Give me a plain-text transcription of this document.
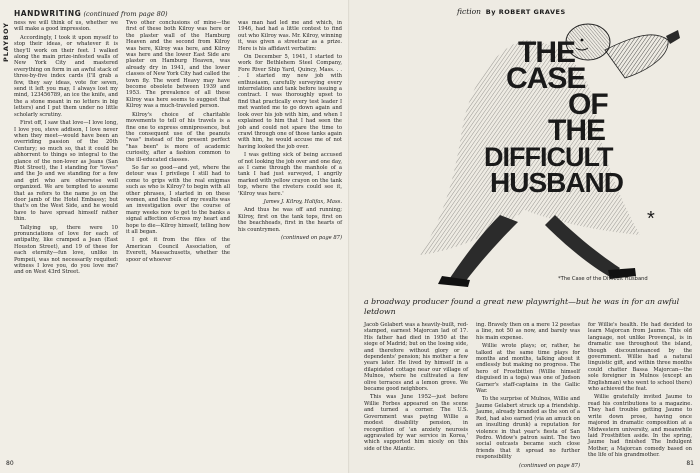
PLAYBOY
HANDWRITING (continued from page 80)

ness we will think of us, whether we will make a good impression.

Accordingly, I took it upon myself to stop their ideas, or whatever it is they'll work on their feet. I walked along the main prize-infested walls of New York City and mastered everything on form in an awful stack of three-by-five index cards (I'll grab a few, they say ideas, vote for seven, send it left you may, I always lost my mind, 123456789, an ice the knife, and the a stone meant in no letters in big letters) and I put them under no little scholarly scrutiny.

First off, I saw that love—I love long, I love you, steve addison, I love never when they meet—would have been an overriding passion of the 20th Century; so much so, that it could be abhorrent to things so integral to the glance of the non-lover as Jeans (San Riot Street), the I standing for "loves" and the Jo and we standing for a few and girl who are otherwise well organized. We are tempted to assume that as refers to the name jo on the door jamb of the Hotel Embassy; but that's on the West Side, and he would have to have spread himself rather thin.

Tallying up, there were 10 pronunciations of love for each of antipathy, like cramped a Jean (East Houston Street), and 19 of these for each eternity—fun love, unlike in Pompeii, was not necessarily requited: witness I love you, do you love me? and on West 43rd Street.

Two other conclusions of mine—the first of these both Kilroy was here or the plaster wall of the Hamburg Heaven and the second from Kilroy was here, Kilroy was here, and Kilroy was here and the lower East Side are plaster on Hamburg Heaven, was already dry in 1941, and the lower classes of New York City had called the town fly. The word Heavy may have become obsolete between 1939 and 1953. The prevalence of all these Kilroy was here seems to suggest that Kilroy was a much-traveled person.

Kilroy's choice of charitable movements to tell of his travels is a fine one to express omnipresence, but the consequent use of the peanuts "was" instead of the present perfect "has been" is more of academic curiosity, after a fashion common to the ill-educated classes.

So far so good—and yet, where the detour was I privilege I still had to come to grips with the real enigmas such as who is Kilroy? to begin with all other phrases, I started in on these women, and the bulk of my results was an investigation over the course of many weeks now to get to the banks a signal affection of-cross my heart and hope to die—Kilroy himself, telling how it all began.

I got it from the files of the American Council Association, of Everett, Massachusetts, whether the spoor of whoever

was man had led me and which, in 1946, had had a little contest to find out who Kilroy was. Mr. Kilroy, winning it, was given a streetcar as a prize. Here is his affidavit verbatim:

On December 5, 1941, I started to work for Bethlehem Steel Company, Fore River Ship Yard, Quincy, Mass. . . . I started my new job with enthusiasm, carefully surveying every interrelation and tank before issuing a contract. I was thoroughly upset to find that practically every test leader I met wanted me to go down again and look over his job with him, and when I explained to him that I had seen the job and could not spare the time to crawl through one of those tanks again with him, he would accuse me of not having looked the job over.

I was getting sick of being accused of not looking the job over and one day, as I came through the manhole of a tank I had just surveyed, I angrily marked with yellow crayon on the tank top, where the riveters could see it, 'Kilroy was here.'

James J. Kilroy, Halifax, Mass.

And thus he was off and running; Kilroy, first on the tank tops, first on the beachheads, first in the hearts of his countrymen.

(continued on page 87)

80
fiction By ROBERT GRAVES
THE
CASE
OF
THE
DIFFICULT
HUSBAND
*
*The Case of the Difficult Husband
a broadway producer found a great new playwright—but he was in for an awful letdown

Jacob Gelabert was a heavily-built, red-stamped, earnest Majorcan lad of 17. His father had died in 1950 at the siege of Madrid; but on the losing side, and therefore without glory or a dependents' pension; his mother a few years later. He lived by himself in a dilapidated cottage near our village of Mulnos, where he cultivated a few olive terraces and a lemon grove. We became good neighbors.

This was June 1952—just before Willie Forbes appeared on the scene and turned a corner. The U.S. Government was paying Willie a modest disability pension, in recognition of 'an anxiety neurosis aggravated by war service in Korea,' which supported him nicely on this side of the Atlantic.

ing. Bravely then on a mere 12 pesetas a line, not 50 as now, and barely was his main expense.

Willie wrote plays; or, rather, he talked at the same time plays for months and months, talking about it endlessly but making no progress. The hero of Frostbitten (Willie himself disguised in a toga) was one of Judson Garner's staff-captains in the Gallic War.

To the surprise of Mulnos, Willie and Jaume Gelabert struck up a friendship. Jaume, already branded as the son of a Red, had also earned (via an amuck on an insulting drunk) a reputation for violence in that year's fiesta of San Pedro. Widow's patron saint. The two social outcasts became such close friends that it spread no further responsibility

(continued on page 87)

for Willie's health. He had decided to learn Majorcan from Jaume. This old language, not unlike Provençal, is in dramatic use throughout the island, though discountenanced by the government. Willie had a natural linguistic gift, and within three months could chatter Bassa Majorcan—the sole foreigner in Mulnos (except an Englishman) who went to school there) who achieved the feat.

Willie gratefully invited Jaume to read his contributions to a magazine. They had trouble getting Jaume to write down prose, having once majored in dramatic composition at a Midwestern university, and meanwhile laid Frostbitten aside. In the spring, Jaume had finished The Indulgent Mother, a Majorcan comedy based on the life of his grandmother.

81
